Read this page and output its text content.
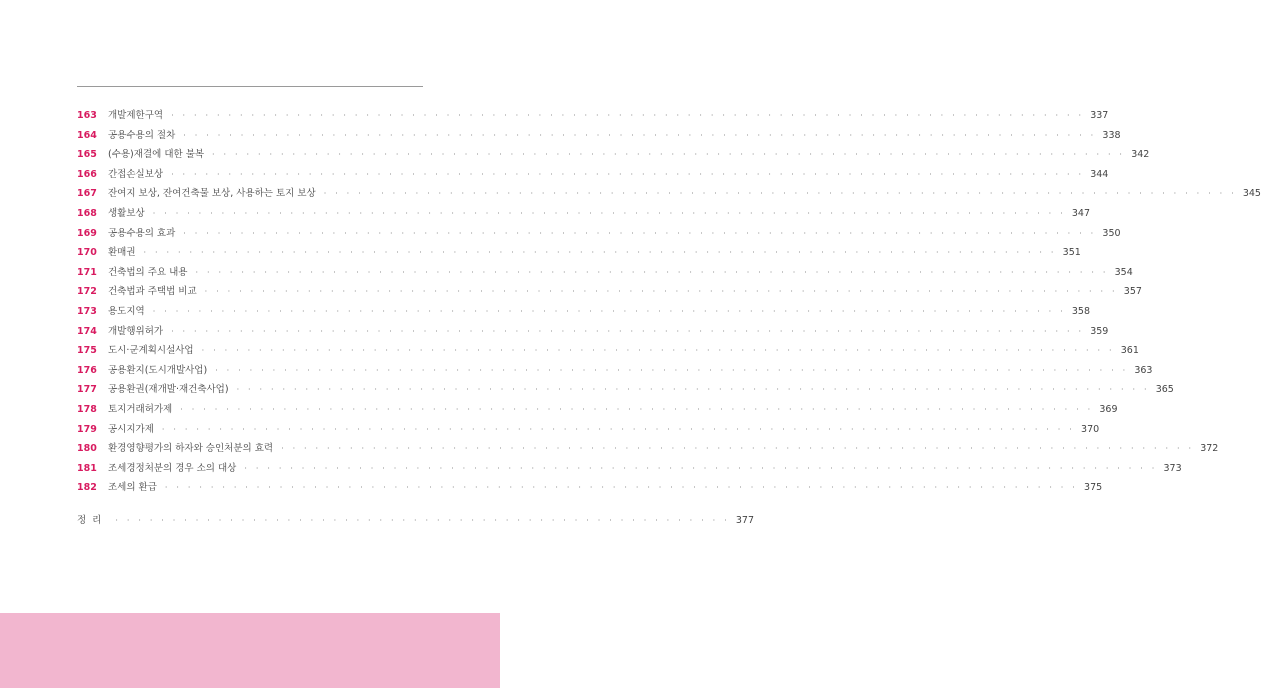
163	개발제한구역	· · · · · · · · · · · · · · · · · · · · · · · · · · · · · · · · · · · · · · · · · · · · · · · · · · · · · · · · · · · · · · · · · · · · · · · · · · · · · · · · 337
164	공용수용의 절차	· · · · · · · · · · · · · · · · · · · · · · · · · · · · · · · · · · · · · · · · · · · · · · · · · · · · · · · · · · · · · · · · · · · · · · · · · · · · · · · · 338
165	(수용)재결에 대한 불복	· · · · · · · · · · · · · · · · · · · · · · · · · · · · · · · · · · · · · · · · · · · · · · · · · · · · · · · · · · · · · · · · · · · · · · · · · · · · · · · · 342
166	간접손실보상	· · · · · · · · · · · · · · · · · · · · · · · · · · · · · · · · · · · · · · · · · · · · · · · · · · · · · · · · · · · · · · · · · · · · · · · · · · · · · · · · 344
167	잔여지 보상, 잔여건축물 보상, 사용하는 토지 보상	· · · · · · · · · · · · · · · · · · · · · · · · · · · · · · · · · · · · · · · · · · · · · · · · · · · · · · · · · · · · · · · · · · · · · · · · · · · · · · · · 345
168	생활보상	· · · · · · · · · · · · · · · · · · · · · · · · · · · · · · · · · · · · · · · · · · · · · · · · · · · · · · · · · · · · · · · · · · · · · · · · · · · · · · · · 347
169	공용수용의 효과	· · · · · · · · · · · · · · · · · · · · · · · · · · · · · · · · · · · · · · · · · · · · · · · · · · · · · · · · · · · · · · · · · · · · · · · · · · · · · · · · 350
170	환매권	· · · · · · · · · · · · · · · · · · · · · · · · · · · · · · · · · · · · · · · · · · · · · · · · · · · · · · · · · · · · · · · · · · · · · · · · · · · · · · · · 351
171	건축법의 주요 내용	· · · · · · · · · · · · · · · · · · · · · · · · · · · · · · · · · · · · · · · · · · · · · · · · · · · · · · · · · · · · · · · · · · · · · · · · · · · · · · · · 354
172	건축법과 주택법 비교	· · · · · · · · · · · · · · · · · · · · · · · · · · · · · · · · · · · · · · · · · · · · · · · · · · · · · · · · · · · · · · · · · · · · · · · · · · · · · · · · 357
173	용도지역	· · · · · · · · · · · · · · · · · · · · · · · · · · · · · · · · · · · · · · · · · · · · · · · · · · · · · · · · · · · · · · · · · · · · · · · · · · · · · · · · 358
174	개발행위허가	· · · · · · · · · · · · · · · · · · · · · · · · · · · · · · · · · · · · · · · · · · · · · · · · · · · · · · · · · · · · · · · · · · · · · · · · · · · · · · · · 359
175	도시·군계획시설사업	· · · · · · · · · · · · · · · · · · · · · · · · · · · · · · · · · · · · · · · · · · · · · · · · · · · · · · · · · · · · · · · · · · · · · · · · · · · · · · · · 361
176	공용환지(도시개발사업)	· · · · · · · · · · · · · · · · · · · · · · · · · · · · · · · · · · · · · · · · · · · · · · · · · · · · · · · · · · · · · · · · · · · · · · · · · · · · · · · · 363
177	공용환권(재개발·재건축사업)	· · · · · · · · · · · · · · · · · · · · · · · · · · · · · · · · · · · · · · · · · · · · · · · · · · · · · · · · · · · · · · · · · · · · · · · · · · · · · · · · 365
178	토지거래허가제	· · · · · · · · · · · · · · · · · · · · · · · · · · · · · · · · · · · · · · · · · · · · · · · · · · · · · · · · · · · · · · · · · · · · · · · · · · · · · · · · 369
179	공시지가제	· · · · · · · · · · · · · · · · · · · · · · · · · · · · · · · · · · · · · · · · · · · · · · · · · · · · · · · · · · · · · · · · · · · · · · · · · · · · · · · · 370
180	환경영향평가의 하자와 승인처분의 효력	· · · · · · · · · · · · · · · · · · · · · · · · · · · · · · · · · · · · · · · · · · · · · · · · · · · · · · · · · · · · · · · · · · · · · · · · · · · · · · · · 372
181	조세경정처분의 경우 소의 대상	· · · · · · · · · · · · · · · · · · · · · · · · · · · · · · · · · · · · · · · · · · · · · · · · · · · · · · · · · · · · · · · · · · · · · · · · · · · · · · · · 373
182	조세의 환급	· · · · · · · · · · · · · · · · · · · · · · · · · · · · · · · · · · · · · · · · · · · · · · · · · · · · · · · · · · · · · · · · · · · · · · · · · · · · · · · · 375
정리	· · · · · · · · · · · · · · · · · · · · · · · · · · · · · · · · · · · · · · · · · · · · · · · · · · · · · · 377
